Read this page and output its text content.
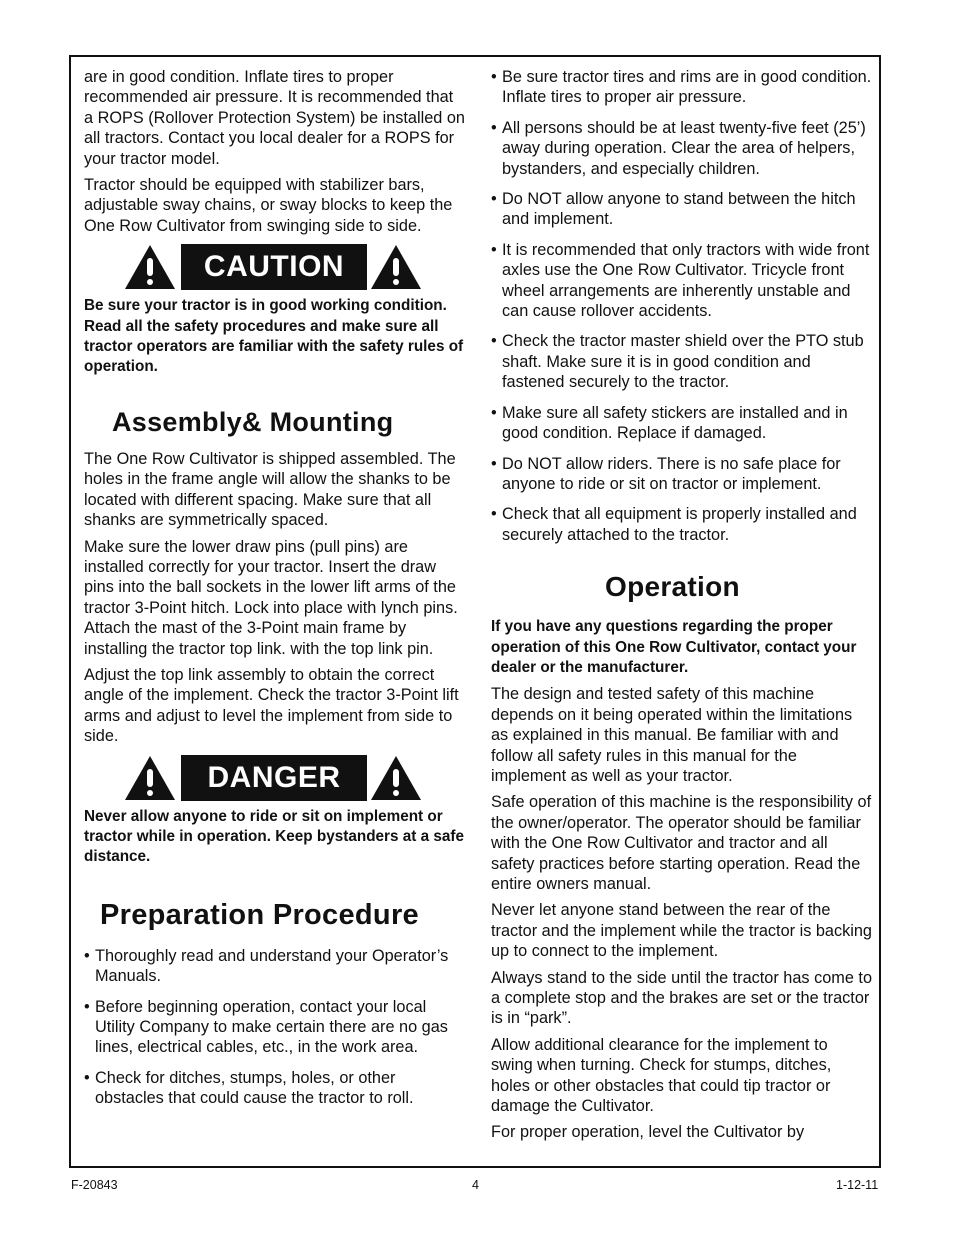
are in good condition. Inflate tires to proper recommended air pressure. It is recommended that a ROPS (Rollover Protection System) be installed on all tractors. Contact you local dealer for a ROPS for your tractor model.

Tractor should be equipped with stabilizer bars, adjustable sway chains, or sway blocks to keep the One Row Cultivator from swinging side to side.

CAUTION

Be sure your tractor is in good working condition. Read all the safety procedures and make sure all tractor operators are familiar with the safety rules of operation.

Assembly& Mounting

The One Row Cultivator is shipped assembled. The holes in the frame angle will allow the shanks to be located with different spacing. Make sure that all shanks are symmetrically spaced.

Make sure the lower draw pins (pull pins) are installed correctly for your tractor. Insert the draw pins into the ball sockets in the lower lift arms of the tractor 3-Point hitch. Lock into place with lynch pins. Attach the mast of the 3-Point main frame by installing the tractor top link. with the top link pin.

Adjust the top link assembly to obtain the correct angle of the implement. Check the tractor 3-Point lift arms and adjust to level the implement from side to side.

DANGER

Never allow anyone to ride or sit on implement or tractor while in operation. Keep bystanders at a safe distance.

Preparation Procedure

• Thoroughly read and understand your Operator’s Manuals.

• Before beginning operation, contact your local Utility Company to make certain there are no gas lines, electrical cables, etc., in the work area.

• Check for ditches, stumps, holes, or other obstacles that could cause the tractor to roll.

• Be sure tractor tires and rims are in good condition. Inflate tires to proper air pressure.

• All persons should be at least twenty-five feet (25’) away during operation. Clear the area of helpers, bystanders, and especially children.

• Do NOT allow anyone to stand between the hitch and implement.

• It is recommended that only tractors with wide front axles use the One Row Cultivator. Tricycle front wheel arrangements are inherently unstable and can cause rollover accidents.

• Check the tractor master shield over the PTO stub shaft. Make sure it is in good condition and fastened securely to the tractor.

• Make sure all safety stickers are installed and in good condition. Replace if damaged.

• Do NOT allow riders. There is no safe place for anyone to ride or sit on tractor or implement.

• Check that all equipment is properly installed and securely attached to the tractor.

Operation

If you have any questions regarding the proper operation of this One Row Cultivator, contact your dealer or the manufacturer.

The design and tested safety of this machine depends on it being operated within the limitations as explained in this manual. Be familiar with and follow all safety rules in this manual for the implement as well as your tractor.

Safe operation of this machine is the responsibility of the owner/operator. The operator should be familiar with the One Row Cultivator and tractor and all safety practices before starting operation. Read the entire owners manual.

Never let anyone stand between the rear of the tractor and the implement while the tractor is backing up to connect to the implement.

Always stand to the side until the tractor has come to a complete stop and the brakes are set or the tractor is in “park”.

Allow additional clearance for the implement to swing when turning. Check for stumps, ditches, holes or other obstacles that could tip tractor or damage the Cultivator.

For proper operation, level the Cultivator by

F-20843	4	1-12-11
